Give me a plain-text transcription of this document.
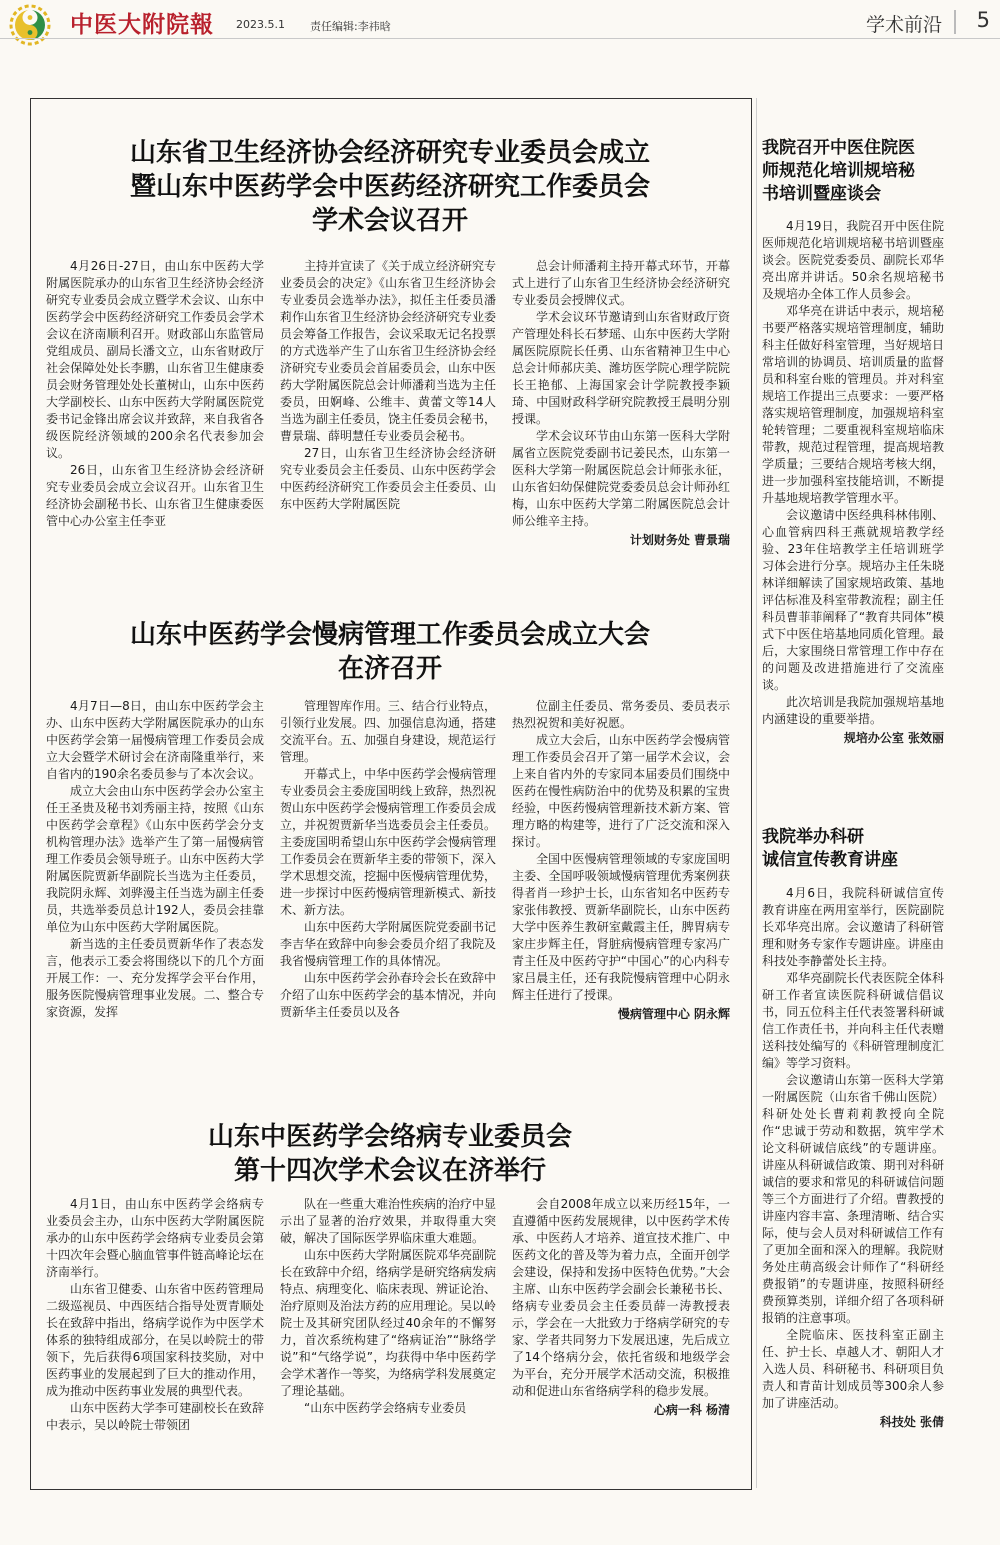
中医大附院報 2023.5.1 责任编辑:李祎晗	学术前沿 5
山东省卫生经济协会经济研究专业委员会成立
暨山东中医药学会中医药经济研究工作委员会
学术会议召开

4月26日-27日，由山东中医药大学附属医院承办的山东省卫生经济协会经济研究专业委员会成立暨学术会议、山东中医药学会中医药经济研究工作委员会学术会议在济南顺利召开。财政部山东监管局党组成员、副局长潘文立，山东省财政厅社会保障处处长李鹏，山东省卫生健康委员会财务管理处处长董树山，山东中医药大学副校长、山东中医药大学附属医院党委书记金锋出席会议并致辞，来自我省各级医院经济领域的200余名代表参加会议。

26日，山东省卫生经济协会经济研究专业委员会成立会议召开。山东省卫生经济协会副秘书长、山东省卫生健康委医管中心办公室主任李亚

主持并宣读了《关于成立经济研究专业委员会的决定》《山东省卫生经济协会专业委员会选举办法》，拟任主任委员潘莉作山东省卫生经济协会经济研究专业委员会筹备工作报告，会议采取无记名投票的方式选举产生了山东省卫生经济协会经济研究专业委员会首届委员会，山东中医药大学附属医院总会计师潘莉当选为主任委员，田婀峰、公维丰、黄蕾文等14人当选为副主任委员，饶主任委员会秘书，曹景瑞、薛明慧任专业委员会秘书。

27日，山东省卫生经济协会经济研究专业委员会主任委员、山东中医药学会中医药经济研究工作委员会主任委员、山东中医药大学附属医院

总会计师潘莉主持开幕式环节，开幕式上进行了山东省卫生经济协会经济研究专业委员会授牌仪式。

学术会议环节邀请到山东省财政厅资产管理处科长石梦瑶、山东中医药大学附属医院原院长任勇、山东省精神卫生中心总会计师郝庆美、潍坊医学院心理学院院长王艳郁、上海国家会计学院教授李颖琦、中国财政科学研究院教授王晨明分别授课。

学术会议环节由山东第一医科大学附属省立医院党委副书记姜民杰，山东第一医科大学第一附属医院总会计师张永征，山东省妇幼保健院党委委员总会计师孙红梅，山东中医药大学第二附属医院总会计师公维辛主持。

计划财务处 曹景瑞
山东中医药学会慢病管理工作委员会成立大会
在济召开

4月7日—8日，由山东中医药学会主办、山东中医药大学附属医院承办的山东中医药学会第一届慢病管理工作委员会成立大会暨学术研讨会在济南隆重举行，来自省内的190余名委员参与了本次会议。

成立大会由山东中医药学会办公室主任王圣贵及秘书刘秀丽主持，按照《山东中医药学会章程》《山东中医药学会分支机构管理办法》选举产生了第一届慢病管理工作委员会领导班子。山东中医药大学附属医院贾新华副院长当选为主任委员，我院阴永辉、刘骅漫主任当选为副主任委员，共选举委员总计192人，委员会挂靠单位为山东中医药大学附属医院。

新当选的主任委员贾新华作了表态发言，他表示工委会将围绕以下的几个方面开展工作：一、充分发挥学会平台作用，服务医院慢病管理事业发展。二、整合专家资源，发挥

管理智库作用。三、结合行业特点，引领行业发展。四、加强信息沟通，搭建交流平台。五、加强自身建设，规范运行管理。

开幕式上，中华中医药学会慢病管理专业委员会主委庞国明线上致辞，热烈祝贺山东中医药学会慢病管理工作委员会成立，并祝贺贾新华当选委员会主任委员。主委庞国明希望山东中医药学会慢病管理工作委员会在贾新华主委的带领下，深入学术思想交流，挖掘中医慢病管理优势，进一步探讨中医药慢病管理新模式、新技术、新方法。

山东中医药大学附属医院党委副书记李吉华在致辞中向参会委员介绍了我院及我省慢病管理工作的具体情况。

山东中医药学会孙春玲会长在致辞中介绍了山东中医药学会的基本情况，并向贾新华主任委员以及各

位副主任委员、常务委员、委员表示热烈祝贺和美好祝愿。

成立大会后，山东中医药学会慢病管理工作委员会召开了第一届学术会议，会上来自省内外的专家同本届委员们围绕中医药在慢性病防治中的优势及积累的宝贵经验，中医药慢病管理新技术新方案、管理方略的构建等，进行了广泛交流和深入探讨。

全国中医慢病管理领域的专家庞国明主委、全国呼吸领域慢病管理优秀案例获得者肖一珍护士长，山东省知名中医药专家张伟教授、贾新华副院长，山东中医药大学中医养生教研室戴霞主任，脾胃病专家庄步辉主任，肾脏病慢病管理专家冯广青主任及中医药守护“中国心”的心内科专家吕晨主任，还有我院慢病管理中心阴永辉主任进行了授课。

慢病管理中心 阴永辉
山东中医药学会络病专业委员会
第十四次学术会议在济举行

4月1日，由山东中医药学会络病专业委员会主办，山东中医药大学附属医院承办的山东中医药学会络病专业委员会第十四次年会暨心脑血管事件链高峰论坛在济南举行。

山东省卫健委、山东省中医药管理局二级巡视员、中西医结合指导处贾青顺处长在致辞中指出，络病学说作为中医学术体系的独特组成部分，在吴以岭院士的带领下，先后获得6项国家科技奖励，对中医药事业的发展起到了巨大的推动作用，成为推动中医药事业发展的典型代表。

山东中医药大学李可建副校长在致辞中表示，吴以岭院士带领团

队在一些重大难治性疾病的治疗中显示出了显著的治疗效果，并取得重大突破，解决了国际医学界临床重大难题。

山东中医药大学附属医院邓华亮副院长在致辞中介绍，络病学是研究络病发病特点、病理变化、临床表现、辨证论治、治疗原则及治法方药的应用理论。吴以岭院士及其研究团队经过40余年的不懈努力，首次系统构建了“络病证治”“脉络学说”和“气络学说”，均获得中华中医药学会学术著作一等奖，为络病学科发展奠定了理论基础。

“山东中医药学会络病专业委员

会自2008年成立以来历经15年，一直遵循中医药发展规律，以中医药学术传承、中医药人才培养、道宣技术推广、中医药文化的普及等为着力点，全面开创学会建设，保持和发扬中医特色优势。”大会主席、山东中医药学会副会长兼秘书长、络病专业委员会主任委员薛一涛教授表示，学会在一大批致力于络病学研究的专家、学者共同努力下发展迅速，先后成立了14个络病分会，依托省级和地级学会为平台，充分开展学术活动交流，积极推动和促进山东省络病学科的稳步发展。

心病一科 杨清
我院召开中医住院医
师规范化培训规培秘
书培训暨座谈会

4月19日，我院召开中医住院医师规范化培训规培秘书培训暨座谈会。医院党委委员、副院长邓华亮出席并讲话。50余名规培秘书及规培办全体工作人员参会。

邓华亮在讲话中表示，规培秘书要严格落实规培管理制度，辅助科主任做好科室管理，当好规培日常培训的协调员、培训质量的监督员和科室台账的管理员。并对科室规培工作提出三点要求：一要严格落实规培管理制度，加强规培科室轮转管理；二要重视科室规培临床带教，规范过程管理，提高规培教学质量；三要结合规培考核大纲，进一步加强科室技能培训，不断提升基地规培教学管理水平。

会议邀请中医经典科林伟刚、心血管病四科王燕就规培教学经验、23年住培教学主任培训班学习体会进行分享。规培办主任朱晓林详细解读了国家规培政策、基地评估标准及科室带教流程；副主任科员曹菲菲阐释了“教育共同体”模式下中医住培基地同质化管理。最后，大家围绕日常管理工作中存在的问题及改进措施进行了交流座谈。

此次培训是我院加强规培基地内涵建设的重要举措。

规培办公室 张效丽
我院举办科研
诚信宣传教育讲座

4月6日，我院科研诚信宣传教育讲座在两用室举行，医院副院长邓华亮出席。会议邀请了科研管理和财务专家作专题讲座。讲座由科技处李静蕾处长主持。

邓华亮副院长代表医院全体科研工作者宣读医院科研诚信倡议书，同五位科主任代表签署科研诚信工作责任书，并向科主任代表赠送科技处编写的《科研管理制度汇编》等学习资料。

会议邀请山东第一医科大学第一附属医院（山东省千佛山医院）科研处处长曹莉莉教授向全院作“忠诚于劳动和数据，筑牢学术论文科研诚信底线”的专题讲座。讲座从科研诚信政策、期刊对科研诚信的要求和常见的科研诚信问题等三个方面进行了介绍。曹教授的讲座内容丰富、条理清晰、结合实际，使与会人员对科研诚信工作有了更加全面和深入的理解。我院财务处庄萌高级会计师作了“科研经费报销”的专题讲座，按照科研经费预算类别，详细介绍了各项科研报销的注意事项。

全院临床、医技科室正副主任、护士长、卓越人才、朝阳人才入选人员、科研秘书、科研项目负责人和青苗计划成员等300余人参加了讲座活动。

科技处 张倩
